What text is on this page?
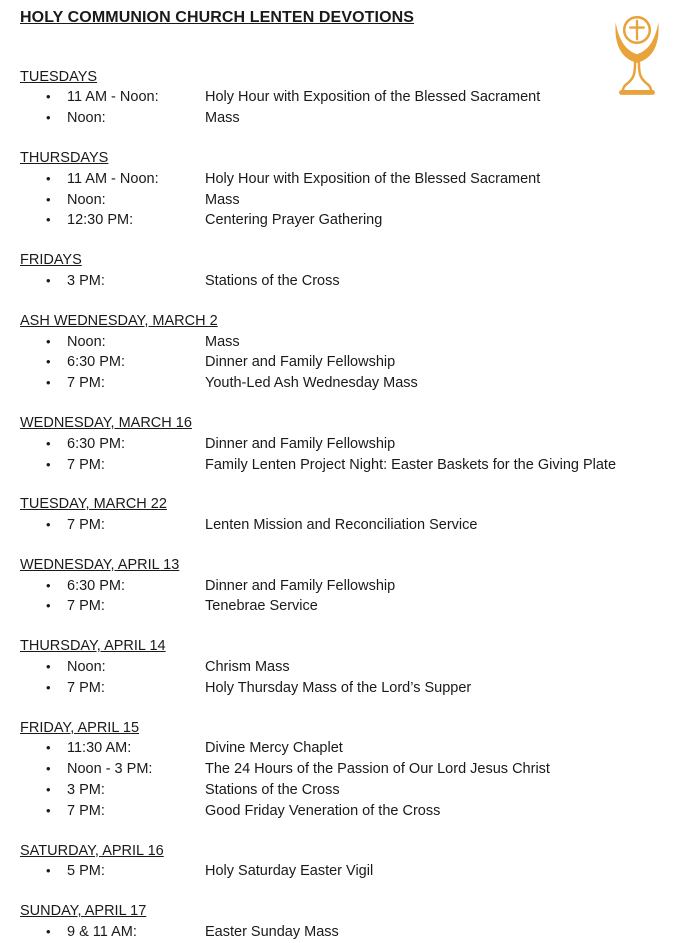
HOLY COMMUNION CHURCH LENTEN DEVOTIONS
TUESDAYS
•	11 AM - Noon:	Holy Hour with Exposition of the Blessed Sacrament
•	Noon:	Mass
THURSDAYS
•	11 AM - Noon:	Holy Hour with Exposition of the Blessed Sacrament
•	Noon:	Mass
•	12:30 PM:	Centering Prayer Gathering
FRIDAYS
•	3 PM:	Stations of the Cross
ASH WEDNESDAY, MARCH 2
•	Noon:	Mass
•	6:30 PM:	Dinner and Family Fellowship
•	7 PM:	Youth-Led Ash Wednesday Mass
WEDNESDAY, MARCH 16
•	6:30 PM:	Dinner and Family Fellowship
•	7 PM:	Family Lenten Project Night: Easter Baskets for the Giving Plate
TUESDAY, MARCH 22
•	7 PM:	Lenten Mission and Reconciliation Service
WEDNESDAY, APRIL 13
•	6:30 PM:	Dinner and Family Fellowship
•	7 PM:	Tenebrae Service
THURSDAY, APRIL 14
•	Noon:	Chrism Mass
•	7 PM:	Holy Thursday Mass of the Lord’s Supper
FRIDAY, APRIL 15
•	11:30 AM:	Divine Mercy Chaplet
•	Noon - 3 PM:	The 24 Hours of the Passion of Our Lord Jesus Christ
•	3 PM:	Stations of the Cross
•	7 PM:	Good Friday Veneration of the Cross
SATURDAY, APRIL 16
•	5 PM:	Holy Saturday Easter Vigil
SUNDAY, APRIL 17
•	9 & 11 AM:	Easter Sunday Mass
